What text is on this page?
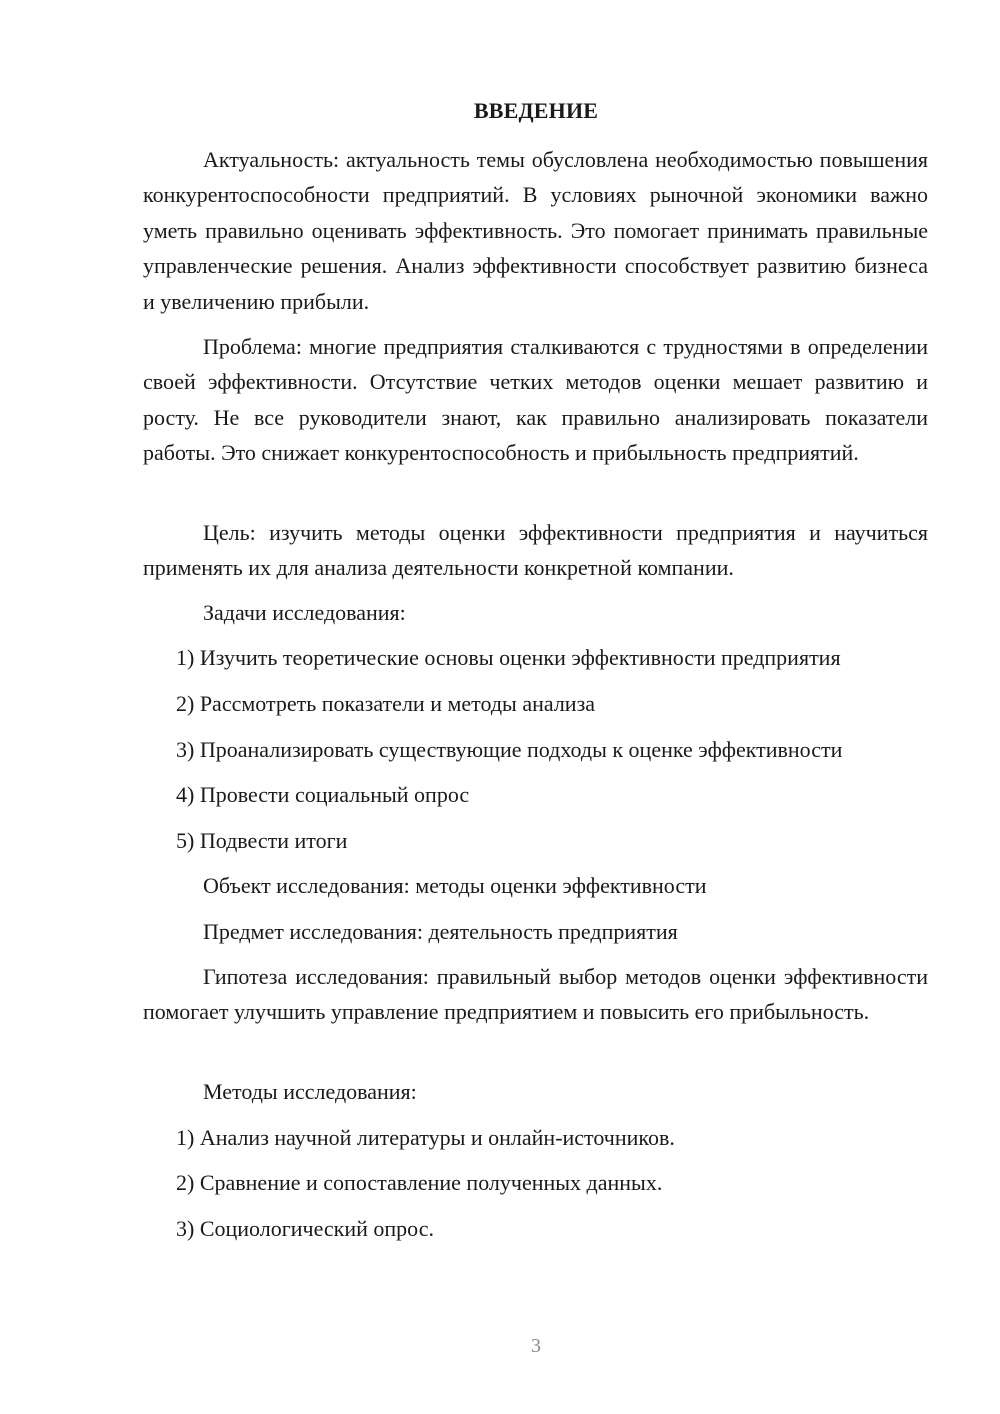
ВВЕДЕНИЕ

Актуальность: актуальность темы обусловлена необходимостью повышения конкурентоспособности предприятий. В условиях рыночной экономики важно уметь правильно оценивать эффективность. Это помогает принимать правильные управленческие решения. Анализ эффективности способствует развитию бизнеса и увеличению прибыли.

Проблема: многие предприятия сталкиваются с трудностями в определении своей эффективности. Отсутствие четких методов оценки мешает развитию и росту. Не все руководители знают, как правильно анализировать показатели работы. Это снижает конкурентоспособность и прибыльность предприятий.

Цель: изучить методы оценки эффективности предприятия и научиться применять их для анализа деятельности конкретной компании.

Задачи исследования:

1) Изучить теоретические основы оценки эффективности предприятия

2) Рассмотреть показатели и методы анализа

3) Проанализировать существующие подходы к оценке эффективности

4) Провести социальный опрос

5) Подвести итоги

Объект исследования: методы оценки эффективности

Предмет исследования: деятельность предприятия

Гипотеза исследования: правильный выбор методов оценки эффективности помогает улучшить управление предприятием и повысить его прибыльность.

Методы исследования:

1) Анализ научной литературы и онлайн-источников.

2) Сравнение и сопоставление полученных данных.

3) Социологический опрос.

3
